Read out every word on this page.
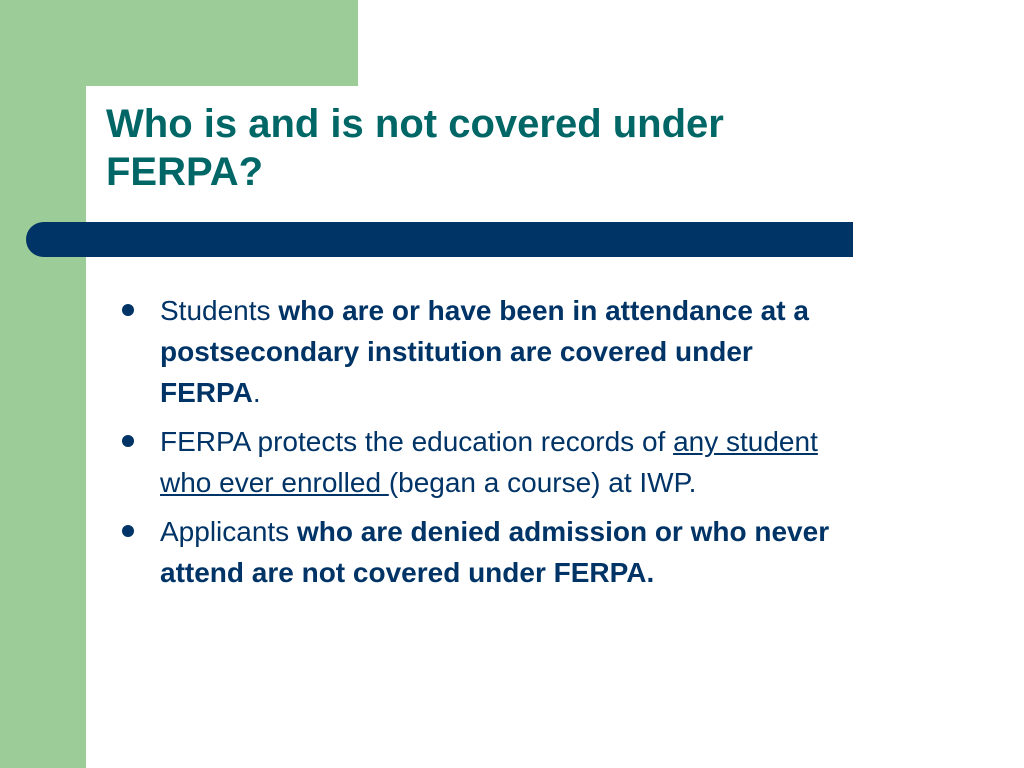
Who is and is not covered under
FERPA?
Students who are or have been in attendance at a postsecondary institution are covered under FERPA.
FERPA protects the education records of any student who ever enrolled (began a course) at IWP.
Applicants who are denied admission or who never attend are not covered under FERPA.
